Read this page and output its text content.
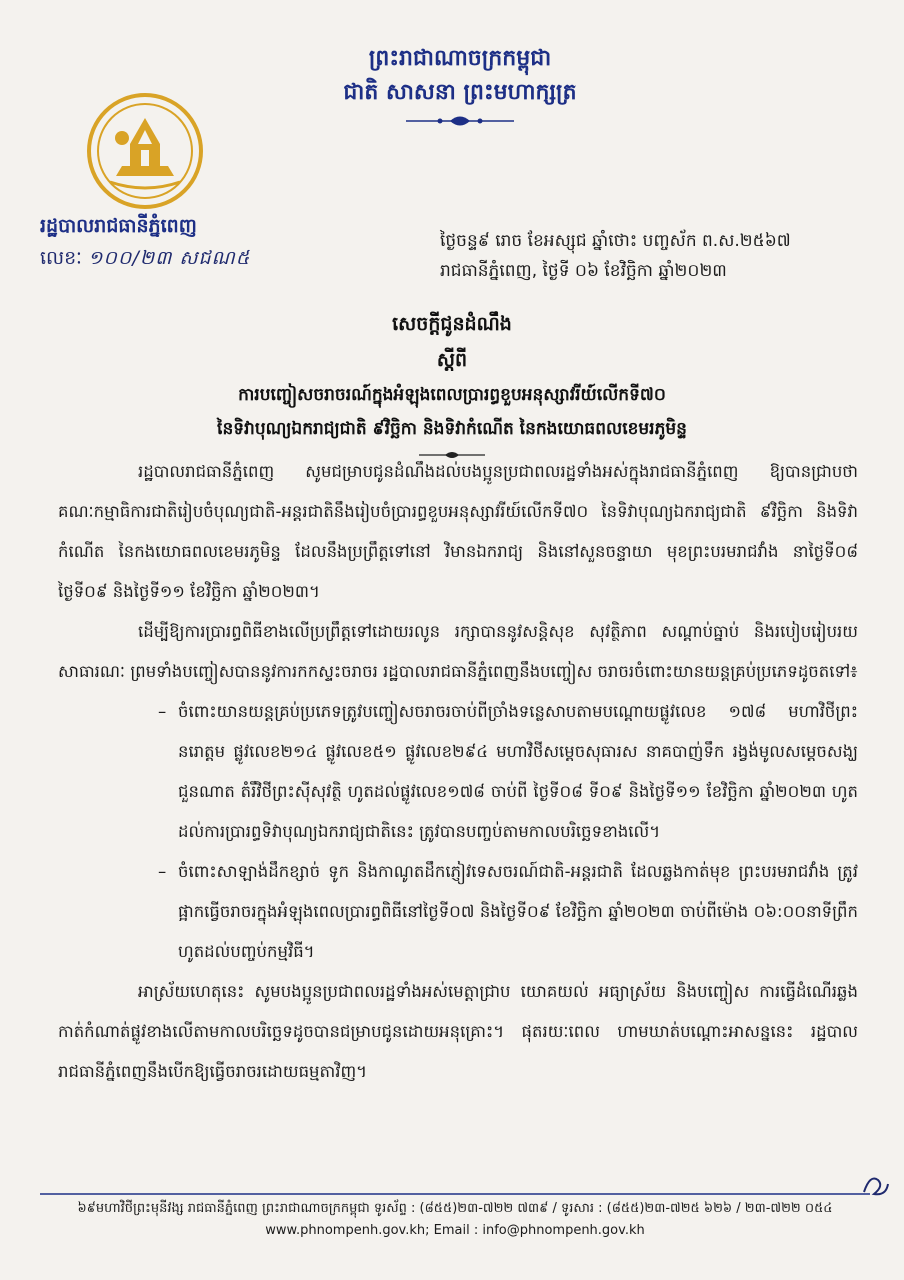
ព្រះរាជាណាចក្រកម្ពុជា
ជាតិ សាសនា ព្រះមហាក្សត្រ
រដ្ឋបាលរាជធានីភ្នំពេញ
លេខៈ ១០០/២៣ សជណ៥
ថ្ងៃចន្ទ៩ រោច ខែអស្សុជ ឆ្នាំថោះ បញ្ចស័ក ព.ស.២៥៦៧
រាជធានីភ្នំពេញ, ថ្ងៃទី ០៦ ខែវិច្ឆិកា ឆ្នាំ២០២៣
សេចក្តីជូនដំណឹង
ស្តីពី
ការបញ្ចៀសចរាចរណ៍ក្នុងអំឡុងពេលប្រារព្ធខួបអនុស្សាវរីយ៍លើកទី៧០
នៃទិវាបុណ្យឯករាជ្យជាតិ ៩វិច្ឆិកា និងទិវាកំណើត នៃកងយោធពលខេមរភូមិន្ទ

រដ្ឋបាលរាជធានីភ្នំពេញ សូមជម្រាបជូនដំណឹងដល់បងប្អូនប្រជាពលរដ្ឋទាំងអស់ក្នុងរាជធានីភ្នំពេញ ឱ្យបានជ្រាបថា គណៈកម្មាធិការជាតិរៀបចំបុណ្យជាតិ-អន្តរជាតិនឹងរៀបចំប្រារព្ធខួបអនុស្សាវរីយ៍លើកទី៧០ នៃទិវាបុណ្យឯករាជ្យជាតិ ៩វិច្ឆិកា និងទិវាកំណើត នៃកងយោធពលខេមរភូមិន្ទ ដែលនឹងប្រព្រឹត្តទៅនៅ វិមានឯករាជ្យ និងនៅសួនចន្ទាយា មុខព្រះបរមរាជវាំង នាថ្ងៃទី០៨ ថ្ងៃទី០៩ និងថ្ងៃទី១១ ខែវិច្ឆិកា ឆ្នាំ២០២៣។

ដើម្បីឱ្យការប្រារព្ធពិធីខាងលើប្រព្រឹត្តទៅដោយរលូន រក្សាបាននូវសន្តិសុខ សុវត្ថិភាព សណ្តាប់ធ្នាប់ និងរបៀបរៀបរយសាធារណៈ ព្រមទាំងបញ្ចៀសបាននូវការកកស្ទះចរាចរ រដ្ឋបាលរាជធានីភ្នំពេញនឹងបញ្ចៀស ចរាចរចំពោះយានយន្តគ្រប់ប្រភេទដូចតទៅ៖

– ចំពោះយានយន្តគ្រប់ប្រភេទត្រូវបញ្ចៀសចរាចរចាប់ពីច្រាំងទន្លេសាបតាមបណ្តោយផ្លូវលេខ ១៧៨ មហាវិថីព្រះនរោត្តម ផ្លូវលេខ២១៤ ផ្លូវលេខ៥១ ផ្លូវលេខ២៩៤ មហាវិថីសម្តេចសុធារស នាគបាញ់ទឹក រង្វង់មូលសម្តេចសង្ឃជួនណាត តំរឹវិថីព្រះស៊ីសុវត្ថិ ហូតដល់ផ្លូវលេខ១៧៨ ចាប់ពី ថ្ងៃទី០៨ ទី០៩ និងថ្ងៃទី១១ ខែវិច្ឆិកា ឆ្នាំ២០២៣ ហូតដល់ការប្រារព្ធទិវាបុណ្យឯករាជ្យជាតិនេះ ត្រូវបានបញ្ចប់តាមកាលបរិច្ឆេទខាងលើ។

– ចំពោះសាឡាង់ដឹកខ្សាច់ ទូក និងកាណូតដឹកភ្ញៀវទេសចរណ៍ជាតិ-អន្តរជាតិ ដែលឆ្លងកាត់មុខ ព្រះបរមរាជវាំង ត្រូវផ្អាកធ្វើចរាចរក្នុងអំឡុងពេលប្រារព្ធពិធីនៅថ្ងៃទី០៧ និងថ្ងៃទី០៩ ខែវិច្ឆិកា ឆ្នាំ២០២៣ ចាប់ពីម៉ោង ០៦:០០នាទីព្រឹក ហូតដល់បញ្ចប់កម្មវិធី។

អាស្រ័យហេតុនេះ សូមបងប្អូនប្រជាពលរដ្ឋទាំងអស់មេត្តាជ្រាប យោគយល់ អធ្យាស្រ័យ និងបញ្ចៀស ការធ្វើដំណើរឆ្លងកាត់កំណាត់ផ្លូវខាងលើតាមកាលបរិច្ឆេទដូចបានជម្រាបជូនដោយអនុគ្រោះ។ ផុតរយៈពេល ហាមឃាត់បណ្តោះអាសន្ននេះ រដ្ឋបាលរាជធានីភ្នំពេញនឹងបើកឱ្យធ្វើចរាចរដោយធម្មតាវិញ។

៦៩មហាវិថីព្រះមុនីវង្ស រាជធានីភ្នំពេញ ព្រះរាជាណាចក្រកម្ពុជា ទូរស័ព្ទ : (៨៥៥)២៣-៧២២ ៧៣៩ / ទូរសារ : (៨៥៥)២៣-៧២៥ ៦២៦ / ២៣-៧២២ ០៥៤
www.phnompenh.gov.kh; Email : info@phnompenh.gov.kh
